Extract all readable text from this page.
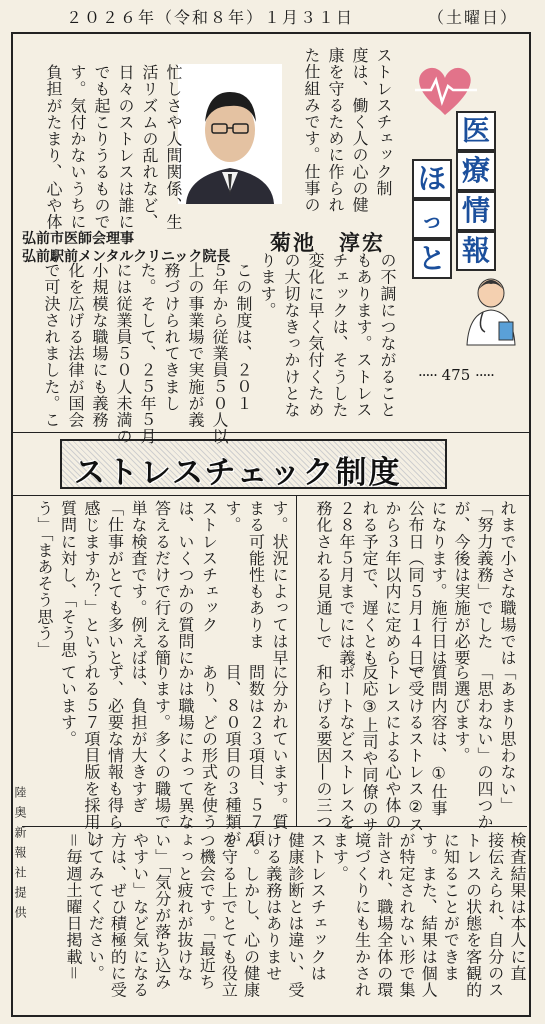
２０２６年（令和８年）１月３１日	（土曜日）
医
療
情
報
ほ
っ
と
····· 475 ·····
菊池　淳宏
弘前市医師会理事
弘前駅前メンタルクリニック院長
ストレスチェック制度
ストレスチェック制
度は、働く人の心の健
康を守るために作られ
た仕組みです。仕事の
忙しさや人間関係、生
活リズムの乱れなど、
日々のストレスは誰に
でも起こりうるもので
す。気付かないうちに
負担がたまり、心や体
の不調につながること
もあります。ストレス
チェックは、そうした
変化に早く気付くため
の大切なきっかけとな
ります。
この制度は、２０１
５年から従業員５０人以
上の事業場で実施が義
務づけられてきまし
た。そして、２５年５月
には従業員５０人未満の
小規模な職場にも義務
化を広げる法律が国会
で可決されました。こ
れまで小さな職場では
「努力義務」でした
が、今後は実施が必要
になります。施行日は
公布日（同５月１４日）
から３年以内に定めら
れる予定で、遅くとも
２８年５月までには義
務化される見通しで
す。状況によっては早
まる可能性もありま
す。
ストレスチェック
は、いくつかの質問に
答えるだけで行える簡
単な検査です。例えば
「仕事がとても多いと
感じますか？」という
質問に対し、「そう思
う」「まあそう思う」
「あまり思わない」
「思わない」の四つか
ら選びます。
質問内容は、①仕事
で受けるストレス②ス
トレスによる心や体の
反応③上司や同僚のサ
ポートなどストレスを
和らげる要因―の三つ
に分かれています。質
問数は２３項目、５７項
目、８０項目の３種類が
あり、どの形式を使う
かは職場によって異な
ります。多くの職場で
は、負担が大きすぎ
ず、必要な情報も得ら
れる５７項目版を採用し
ています。
検査結果は本人に直
接伝えられ、自分のス
トレスの状態を客観的
に知ることができま
す。また、結果は個人
が特定されない形で集
計され、職場全体の環
境づくりにも生かされ
ます。
ストレスチェックは
健康診断とは違い、受
ける義務はありませ
ん。しかし、心の健康
を守る上でとても役立
つ機会です。「最近ち
ょっと疲れが抜けな
い」「気分が落ち込み
やすい」など気になる
方は、ぜひ積極的に受
けてみてください。
＝毎週土曜日掲載＝
陸奥新報社提供
